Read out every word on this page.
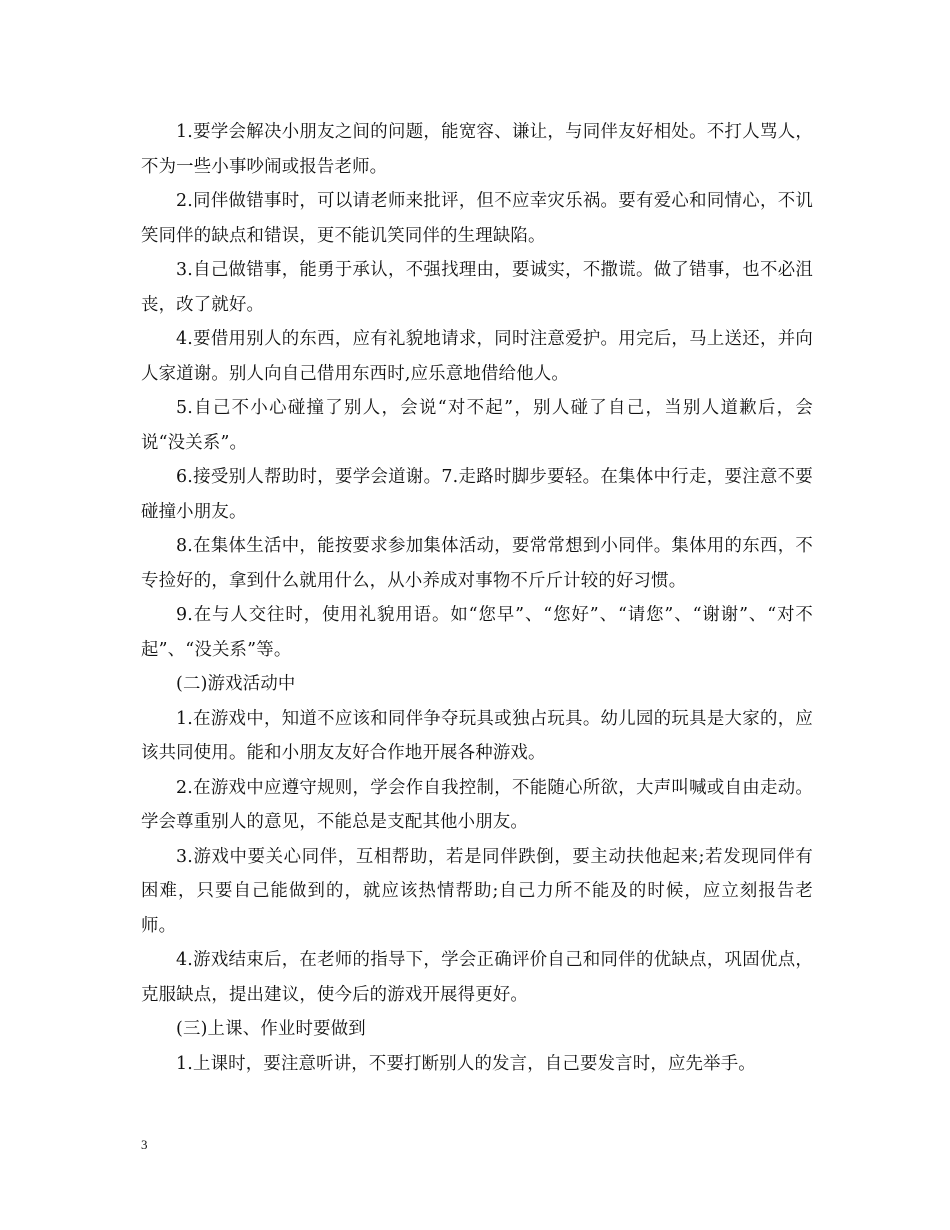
1.要学会解决小朋友之间的问题，能宽容、谦让，与同伴友好相处。不打人骂人，不为一些小事吵闹或报告老师。

2.同伴做错事时，可以请老师来批评，但不应幸灾乐祸。要有爱心和同情心，不讥笑同伴的缺点和错误，更不能讥笑同伴的生理缺陷。

3.自己做错事，能勇于承认，不强找理由，要诚实，不撒谎。做了错事，也不必沮丧，改了就好。

4.要借用别人的东西，应有礼貌地请求，同时注意爱护。用完后，马上送还，并向人家道谢。别人向自己借用东西时,应乐意地借给他人。

5.自己不小心碰撞了别人，会说“对不起”，别人碰了自己，当别人道歉后，会说“没关系”。

6.接受别人帮助时，要学会道谢。7.走路时脚步要轻。在集体中行走，要注意不要碰撞小朋友。

8.在集体生活中，能按要求参加集体活动，要常常想到小同伴。集体用的东西，不专捡好的，拿到什么就用什么，从小养成对事物不斤斤计较的好习惯。

9.在与人交往时，使用礼貌用语。如“您早”、“您好”、“请您”、“谢谢”、“对不起”、“没关系”等。

(二)游戏活动中

1.在游戏中，知道不应该和同伴争夺玩具或独占玩具。幼儿园的玩具是大家的，应该共同使用。能和小朋友友好合作地开展各种游戏。

2.在游戏中应遵守规则，学会作自我控制，不能随心所欲，大声叫喊或自由走动。学会尊重别人的意见，不能总是支配其他小朋友。

3.游戏中要关心同伴，互相帮助，若是同伴跌倒，要主动扶他起来;若发现同伴有困难，只要自己能做到的，就应该热情帮助;自己力所不能及的时候，应立刻报告老师。

4.游戏结束后，在老师的指导下，学会正确评价自己和同伴的优缺点，巩固优点，克服缺点，提出建议，使今后的游戏开展得更好。

(三)上课、作业时要做到

1.上课时，要注意听讲，不要打断别人的发言，自己要发言时，应先举手。

3
